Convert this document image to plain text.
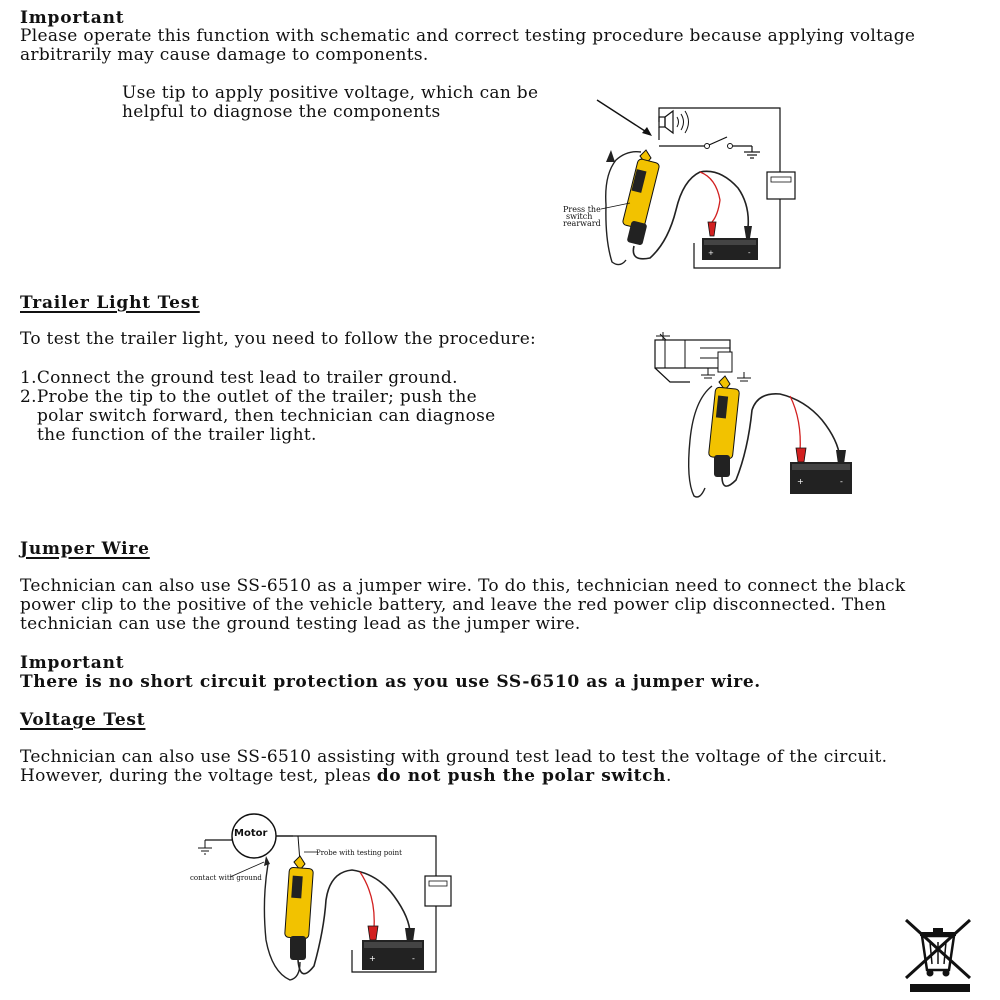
Important
Please operate this function with schematic and correct testing procedure because applying voltage
arbitrarily may cause damage to components.
Use tip to apply positive voltage, which can be
helpful to diagnose the components
+	-
Press the
switch
rearward
Trailer Light Test
To test the trailer light, you need to follow the procedure:
1.Connect the ground test lead to trailer ground.
2.Probe the tip to the outlet of the trailer; push the
polar switch forward, then technician can diagnose
the function of the trailer light.
+	-
Jumper Wire
Technician can also use SS-6510 as a jumper wire. To do this, technician need to connect the black
power clip to the positive of the vehicle battery, and leave the red power clip disconnected. Then
technician can use the ground testing lead as the jumper wire.
Important
There is no short circuit protection as you use SS-6510 as a jumper wire.
Voltage Test
Technician can also use SS-6510 assisting with ground test lead to test the voltage of the circuit.
However, during the voltage test, pleas do not push the polar switch.
+	-
Motor
Probe with testing point
contact with ground
